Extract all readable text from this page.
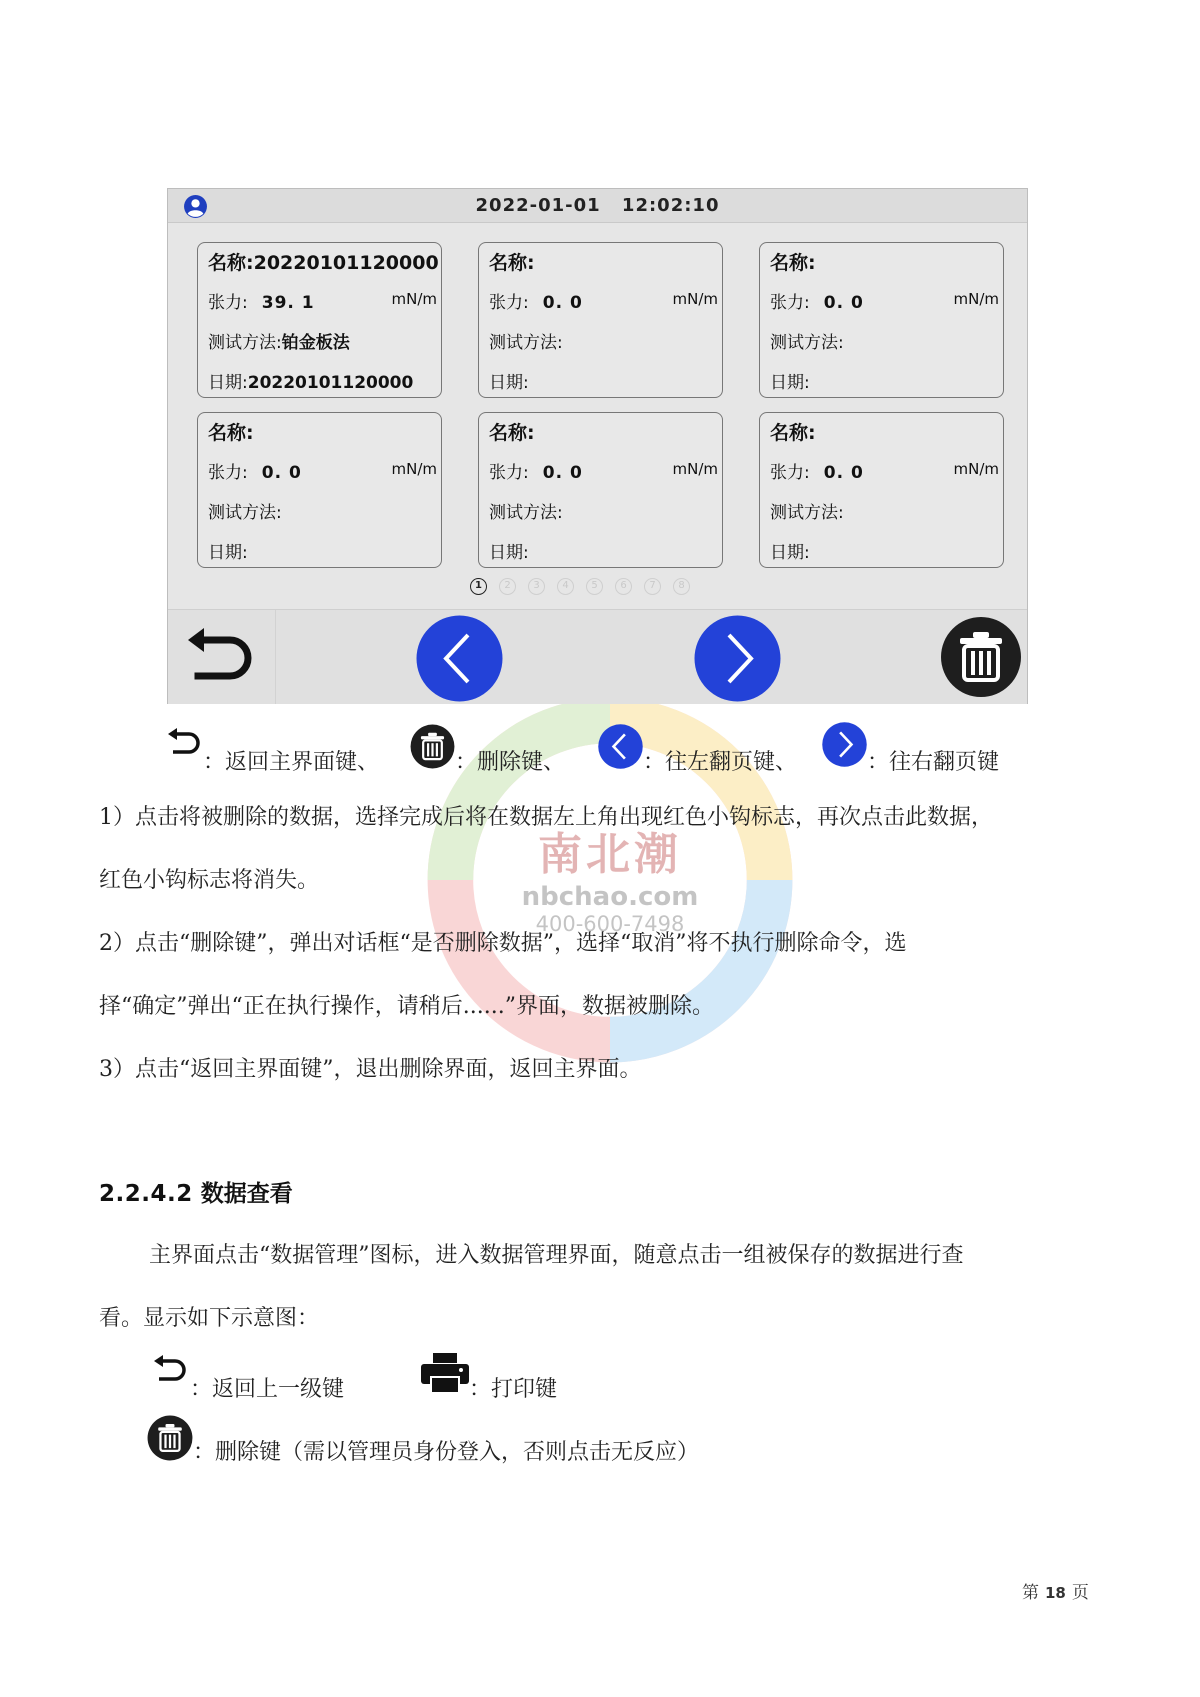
南北潮
nbchao.com
400-600-7498
2022-01-01 12:02:10
名称:20220101120000
张力: 39. 1	mN/m
测试方法:铂金板法
日期:20220101120000
名称:
张力: 0. 0	mN/m
测试方法:
日期:
名称:
张力: 0. 0	mN/m
测试方法:
日期:
名称:
张力: 0. 0	mN/m
测试方法:
日期:
名称:
张力: 0. 0	mN/m
测试方法:
日期:
名称:
张力: 0. 0	mN/m
测试方法:
日期:
1	2	3	4	5	6	7	8
：返回主界面键、	：删除键、	：往左翻页键、	：往右翻页键
1）点击将被删除的数据，选择完成后将在数据左上角出现红色小钩标志，再次点击此数据，
红色小钩标志将消失。
2）点击“删除键”，弹出对话框“是否删除数据”，选择“取消”将不执行删除命令，选
择“确定”弹出“正在执行操作，请稍后......”界面，数据被删除。
3）点击“返回主界面键”，退出删除界面，返回主界面。
2.2.4.2 数据查看
主界面点击“数据管理”图标，进入数据管理界面，随意点击一组被保存的数据进行查
看。显示如下示意图：
：返回上一级键	：打印键
：删除键（需以管理员身份登入，否则点击无反应）
第 18 页
